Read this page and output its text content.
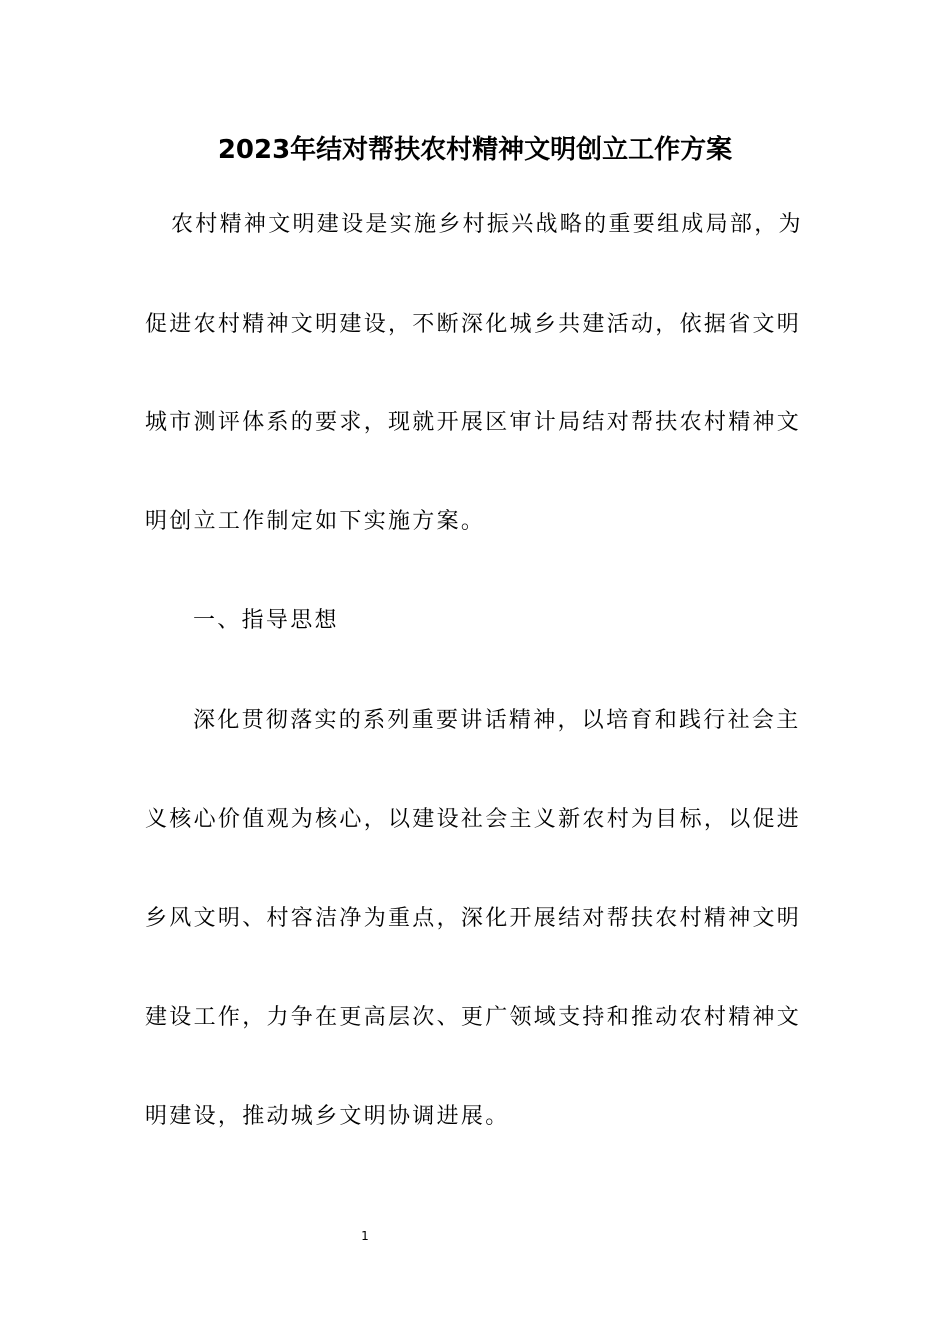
2023年结对帮扶农村精神文明创立工作方案

农村精神文明建设是实施乡村振兴战略的重要组成局部，为

促进农村精神文明建设，不断深化城乡共建活动，依据省文明

城市测评体系的要求，现就开展区审计局结对帮扶农村精神文

明创立工作制定如下实施方案。

一、指导思想

深化贯彻落实的系列重要讲话精神，以培育和践行社会主

义核心价值观为核心，以建设社会主义新农村为目标，以促进

乡风文明、村容洁净为重点，深化开展结对帮扶农村精神文明

建设工作，力争在更高层次、更广领域支持和推动农村精神文

明建设，推动城乡文明协调进展。

1
